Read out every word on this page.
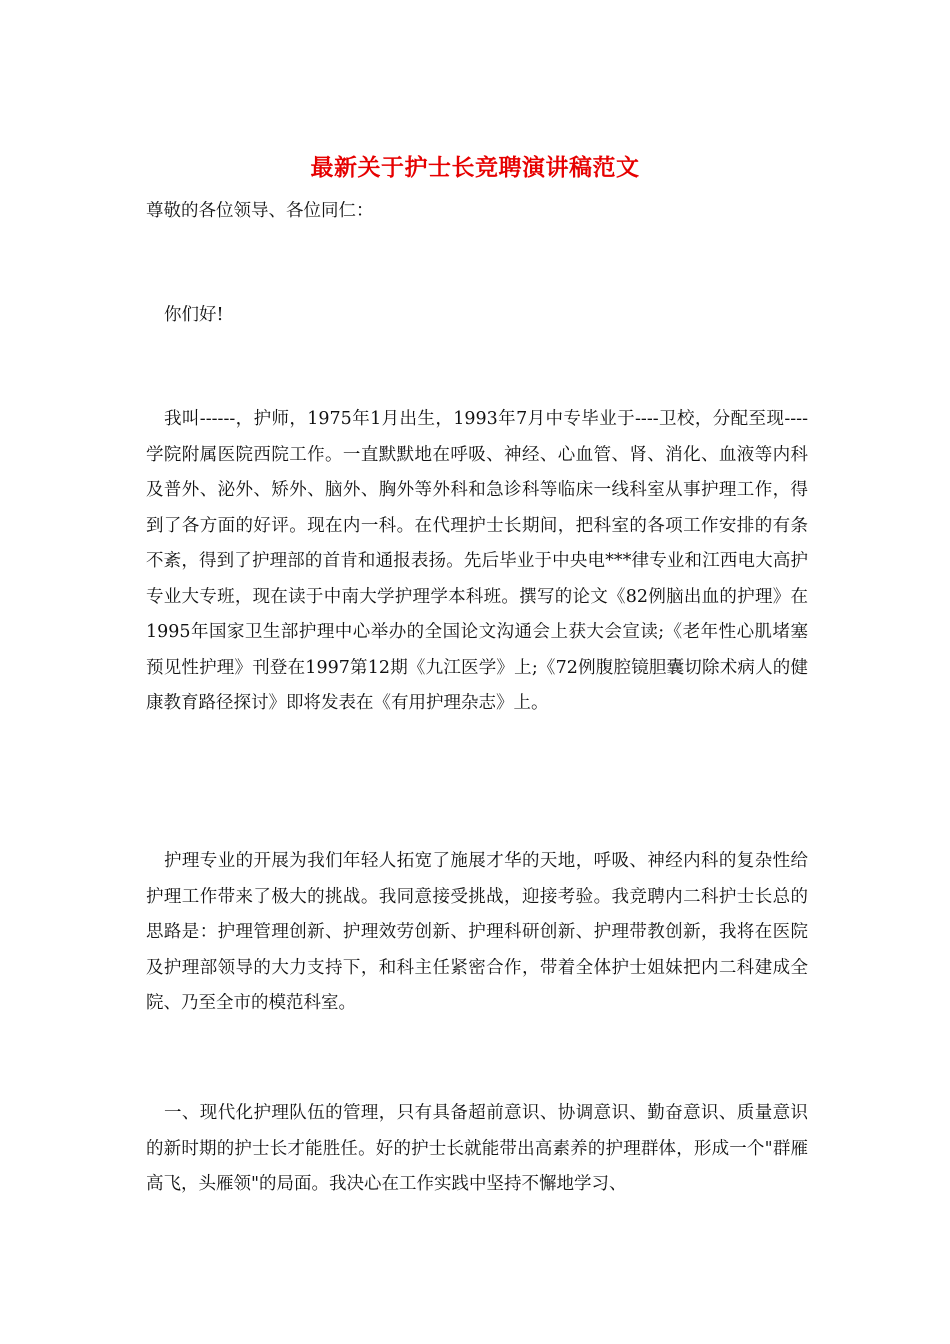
最新关于护士长竞聘演讲稿范文
尊敬的各位领导、各位同仁：

你们好!

我叫------，护师，1975年1月出生，1993年7月中专毕业于----卫校，分配至现----学院附属医院西院工作。一直默默地在呼吸、神经、心血管、肾、消化、血液等内科及普外、泌外、矫外、脑外、胸外等外科和急诊科等临床一线科室从事护理工作，得到了各方面的好评。现在内一科。在代理护士长期间，把科室的各项工作安排的有条不紊，得到了护理部的首肯和通报表扬。先后毕业于中央电***律专业和江西电大高护专业大专班，现在读于中南大学护理学本科班。撰写的论文《82例脑出血的护理》在1995年国家卫生部护理中心举办的全国论文沟通会上获大会宣读;《老年性心肌堵塞预见性护理》刊登在1997第12期《九江医学》上;《72例腹腔镜胆囊切除术病人的健康教育路径探讨》即将发表在《有用护理杂志》上。

护理专业的开展为我们年轻人拓宽了施展才华的天地，呼吸、神经内科的复杂性给护理工作带来了极大的挑战。我同意接受挑战，迎接考验。我竞聘内二科护士长总的思路是：护理管理创新、护理效劳创新、护理科研创新、护理带教创新，我将在医院及护理部领导的大力支持下，和科主任紧密合作，带着全体护士姐妹把内二科建成全院、乃至全市的模范科室。

一、现代化护理队伍的管理，只有具备超前意识、协调意识、勤奋意识、质量意识的新时期的护士长才能胜任。好的护士长就能带出高素养的护理群体，形成一个"群雁高飞，头雁领"的局面。我决心在工作实践中坚持不懈地学习、
